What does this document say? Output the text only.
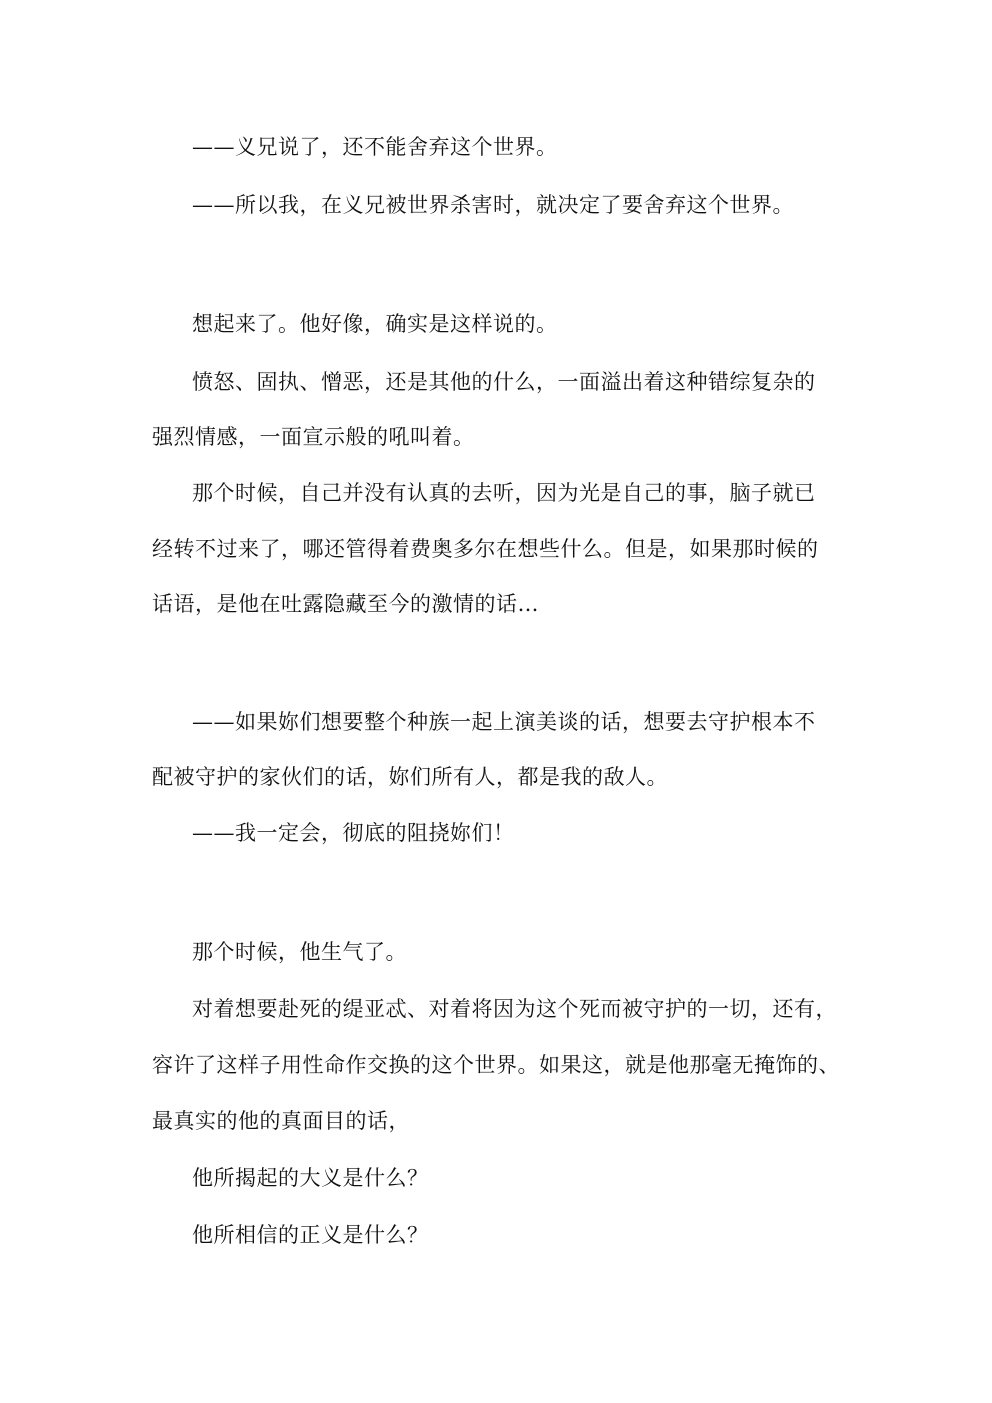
——义兄说了，还不能舍弃这个世界。
——所以我，在义兄被世界杀害时，就决定了要舍弃这个世界。
想起来了。他好像，确实是这样说的。
愤怒、固执、憎恶，还是其他的什么，一面溢出着这种错综复杂的
强烈情感，一面宣示般的吼叫着。
那个时候，自己并没有认真的去听，因为光是自己的事，脑子就已
经转不过来了，哪还管得着费奥多尔在想些什么。但是，如果那时候的
话语，是他在吐露隐藏至今的激情的话…
——如果妳们想要整个种族一起上演美谈的话，想要去守护根本不
配被守护的家伙们的话，妳们所有人，都是我的敌人。
——我一定会，彻底的阻挠妳们！
那个时候，他生气了。
对着想要赴死的缇亚忒、对着将因为这个死而被守护的一切，还有，
容许了这样子用性命作交换的这个世界。如果这，就是他那毫无掩饰的、
最真实的他的真面目的话，
他所揭起的大义是什么？
他所相信的正义是什么？
